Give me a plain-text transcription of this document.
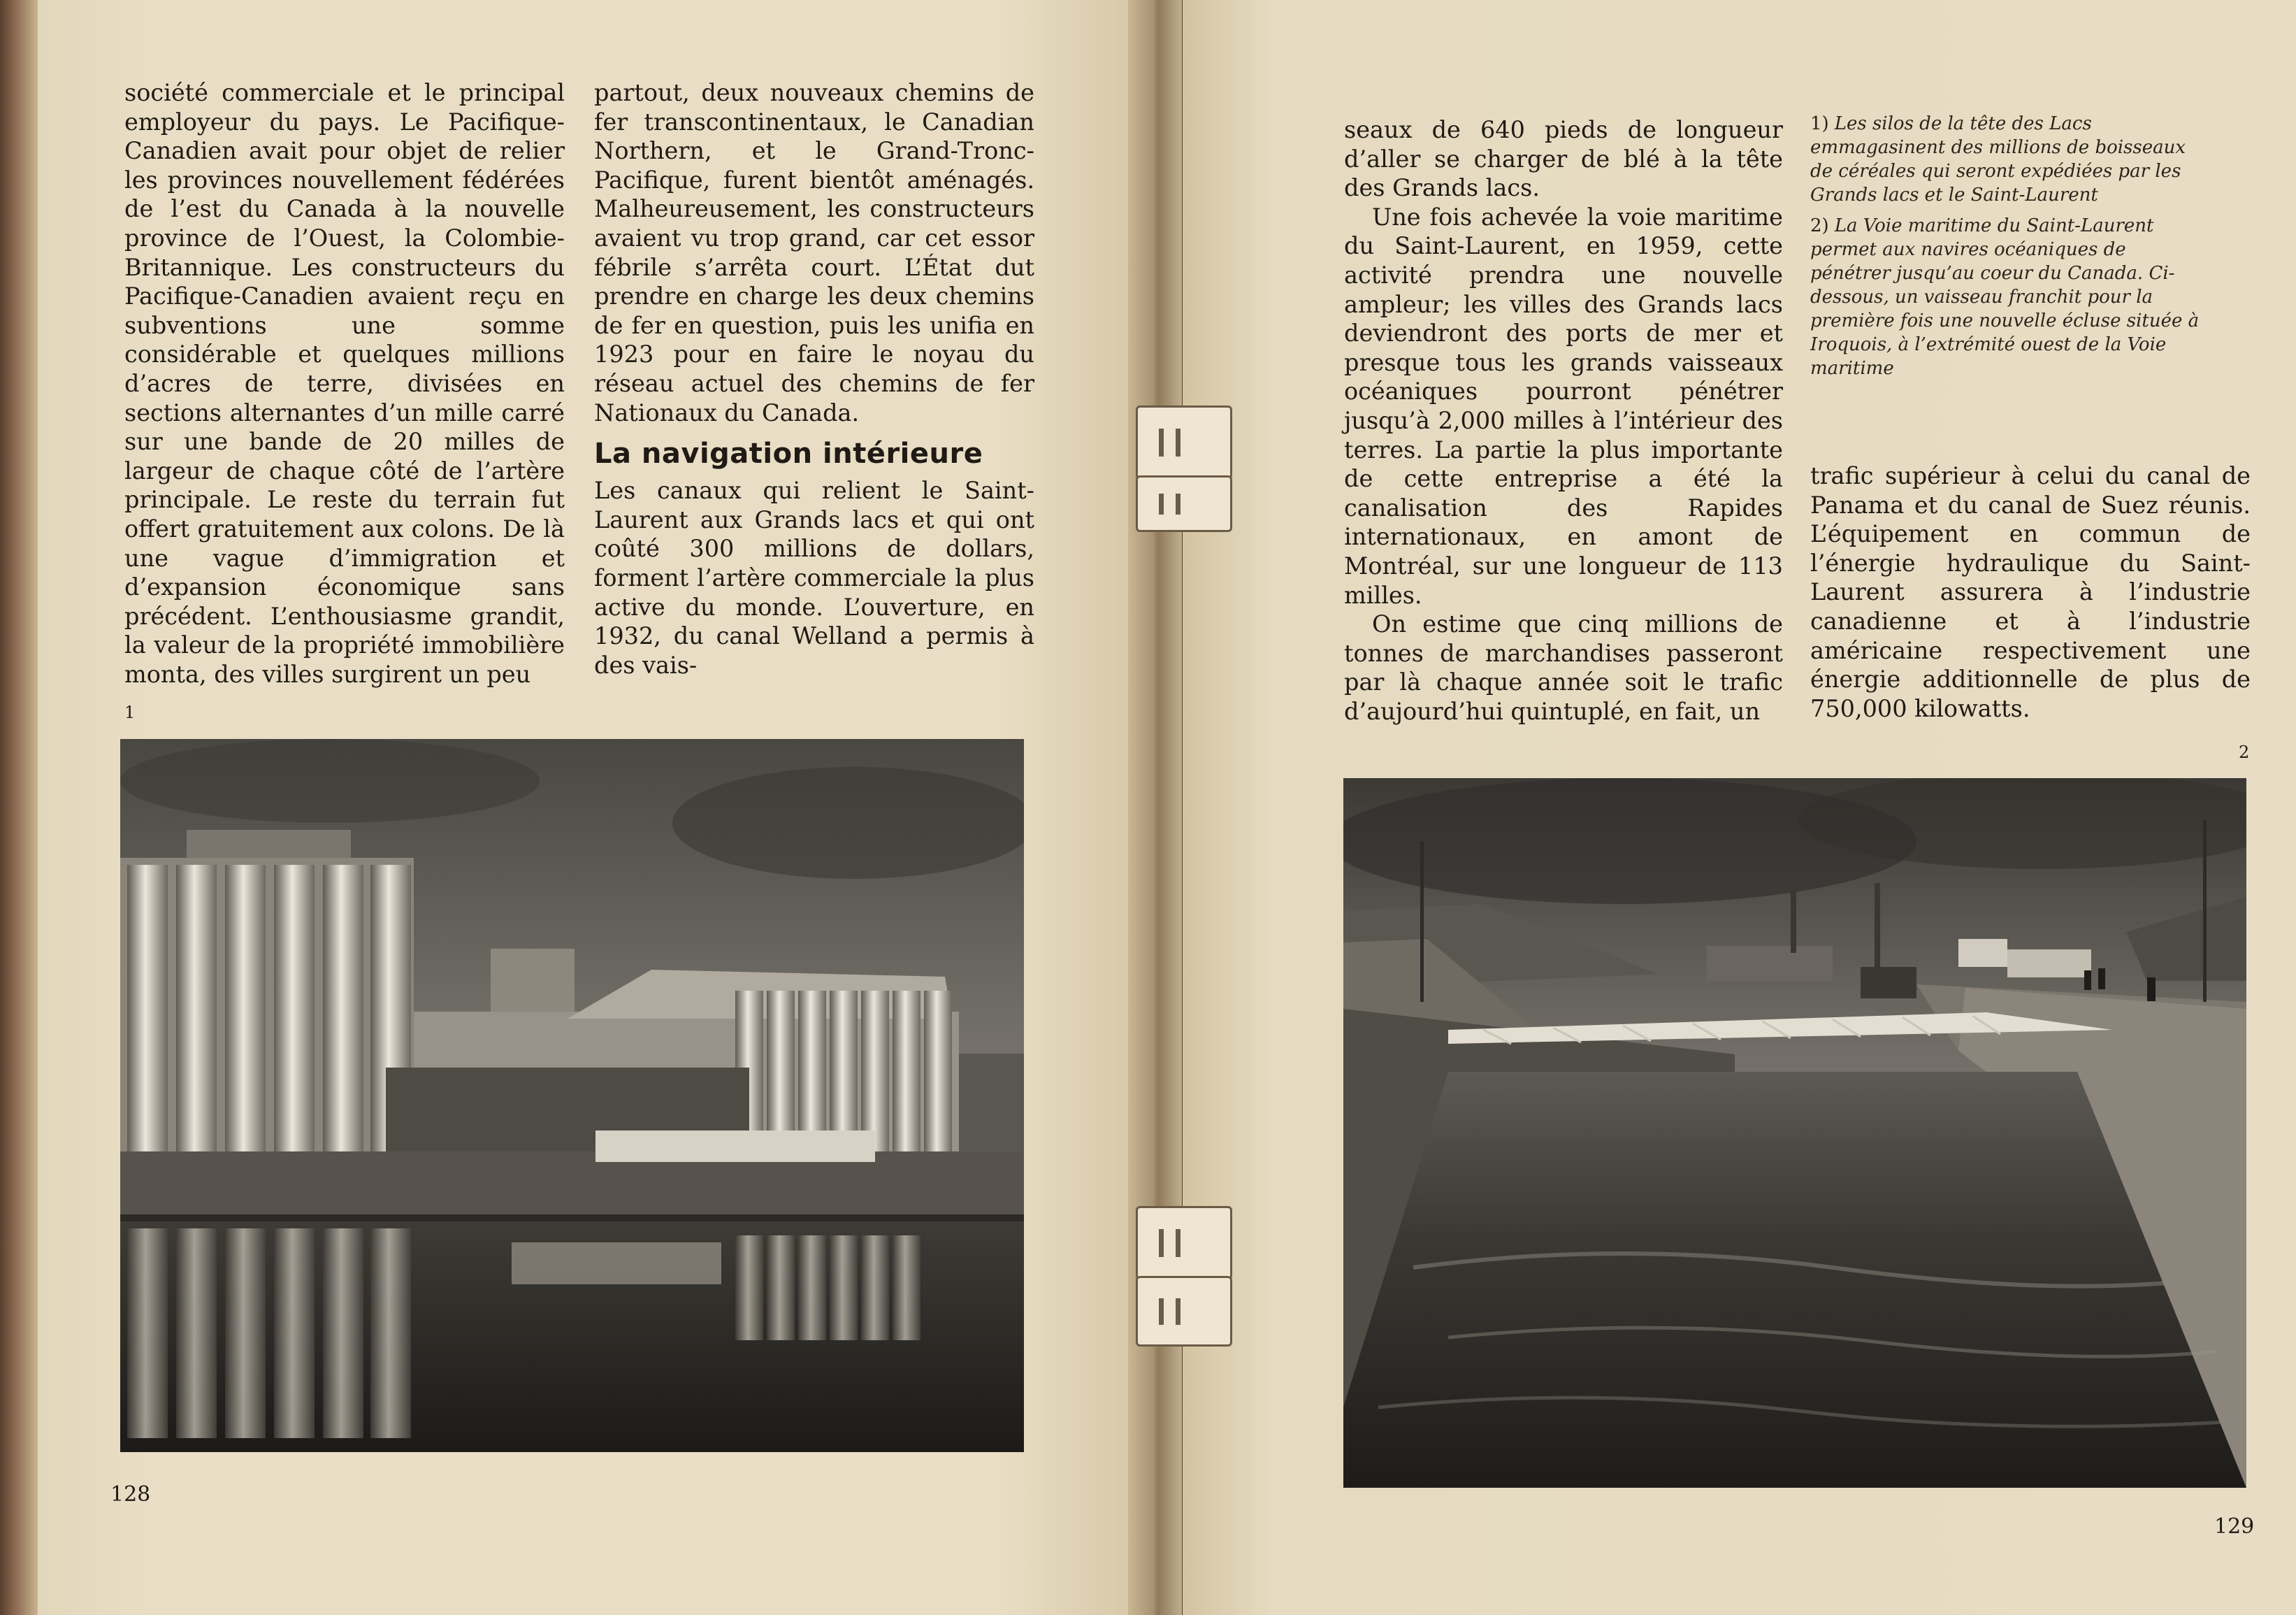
société commerciale et le principal employeur du pays. Le Pacifique-Canadien avait pour objet de relier les provinces nouvellement fédérées de l’est du Canada à la nouvelle province de l’Ouest, la Colombie-Britannique. Les constructeurs du Pacifique-Canadien avaient reçu en subventions une somme considérable et quelques millions d’acres de terre, divisées en sections alternantes d’un mille carré sur une bande de 20 milles de largeur de chaque côté de l’artère principale. Le reste du terrain fut offert gratuitement aux colons. De là une vague d’immigration et d’expansion économique sans précédent. L’enthousiasme grandit, la valeur de la propriété immobilière monta, des villes surgirent un peu

partout, deux nouveaux chemins de fer transcontinentaux, le Canadian Northern, et le Grand-Tronc-Pacifique, furent bientôt aménagés. Malheureusement, les constructeurs avaient vu trop grand, car cet essor fébrile s’arrêta court. L’État dut prendre en charge les deux chemins de fer en question, puis les unifia en 1923 pour en faire le noyau du réseau actuel des chemins de fer Nationaux du Canada.

La navigation intérieure

Les canaux qui relient le Saint-Laurent aux Grands lacs et qui ont coûté 300 millions de dollars, forment l’artère commerciale la plus active du monde. L’ouverture, en 1932, du canal Welland a permis à des vais-

1
128

seaux de 640 pieds de longueur d’aller se charger de blé à la tête des Grands lacs.

Une fois achevée la voie maritime du Saint-Laurent, en 1959, cette activité prendra une nouvelle ampleur; les villes des Grands lacs deviendront des ports de mer et presque tous les grands vaisseaux océaniques pourront pénétrer jusqu’à 2,000 milles à l’intérieur des terres. La partie la plus importante de cette entreprise a été la canalisation des Rapides internationaux, en amont de Montréal, sur une longueur de 113 milles.

On estime que cinq millions de tonnes de marchandises passeront par là chaque année soit le trafic d’aujourd’hui quintuplé, en fait, un

1) Les silos de la tête des Lacs emmagasinent des millions de boisseaux de céréales qui seront expédiées par les Grands lacs et le Saint-Laurent

2) La Voie maritime du Saint-Laurent permet aux navires océaniques de pénétrer jusqu’au coeur du Canada. Ci-dessous, un vaisseau franchit pour la première fois une nouvelle écluse située à Iroquois, à l’extrémité ouest de la Voie maritime

trafic supérieur à celui du canal de Panama et du canal de Suez réunis. L’équipement en commun de l’énergie hydraulique du Saint-Laurent assurera à l’industrie canadienne et à l’industrie américaine respectivement une énergie additionnelle de plus de 750,000 kilowatts.

2
129
